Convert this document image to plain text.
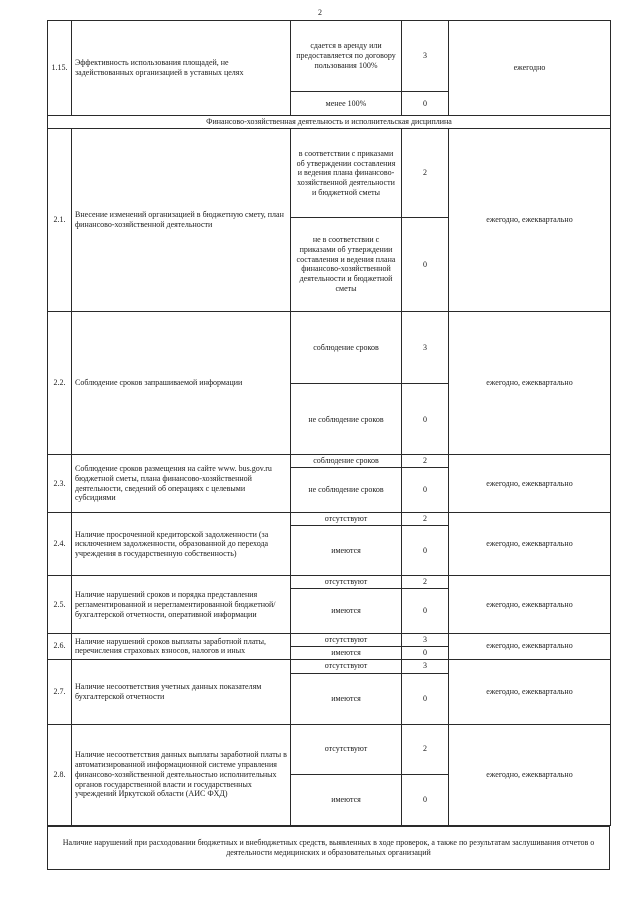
2
1.15.	Эффективность использования площадей, не задействованных организацией в уставных целях	сдается в аренду или предоставляется по договору пользования 100%	3	ежегодно
		менее 100%	0	
Финансово-хозяйственная деятельность и исполнительская дисциплина				
2.1.	Внесение изменений организацией в бюджетную смету, план финансово-хозяйственной деятельности	в соответствии с приказами об утверждении составления и ведения плана финансово-хозяйственной деятельности и бюджетной сметы	2	ежегодно, ежеквартально
		не в соответствии с приказами об утверждении составления и ведения плана финансово-хозяйственной деятельности и бюджетной сметы	0	
2.2.	Соблюдение сроков запрашиваемой информации	соблюдение сроков	3	ежегодно, ежеквартально
		не соблюдение сроков	0	
2.3.	Соблюдение сроков размещения на сайте www. bus.gov.ru бюджетной сметы, плана финансово-хозяйственной деятельности, сведений об операциях с целевыми субсидиями	соблюдение сроков	2	ежегодно, ежеквартально
		не соблюдение сроков	0	
2.4.	Наличие просроченной кредиторской задолженности (за исключением задолженности, образованной до перехода учреждения в государственную собственность)	отсутствуют	2	ежегодно, ежеквартально
		имеются	0	
2.5.	Наличие нарушений сроков и порядка представления регламентированной и нерегламентированной бюджетной/бухгалтерской отчетности, оперативной информации	отсутствуют	2	ежегодно, ежеквартально
		имеются	0	
2.6.	Наличие нарушений сроков выплаты заработной платы, перечисления страховых взносов, налогов и иных	отсутствуют	3	ежегодно, ежеквартально
		имеются	0	
2.7.	Наличие несоответствия учетных данных показателям бухгалтерской отчетности	отсутствуют	3	ежегодно, ежеквартально
		имеются	0	
2.8.	Наличие несоответствия данных выплаты заработной платы в автоматизированной информационной системе управления финансово-хозяйственной деятельностью исполнительных органов государственной власти и государственных учреждений Иркутской области (АИС ФХД)	отсутствуют	2	ежегодно, ежеквартально
		имеются	0	
Наличие нарушений при расходовании бюджетных и внебюджетных средств, выявленных в ходе проверок, а также по результатам заслушивания отчетов о деятельности медицинских и образовательных организаций
